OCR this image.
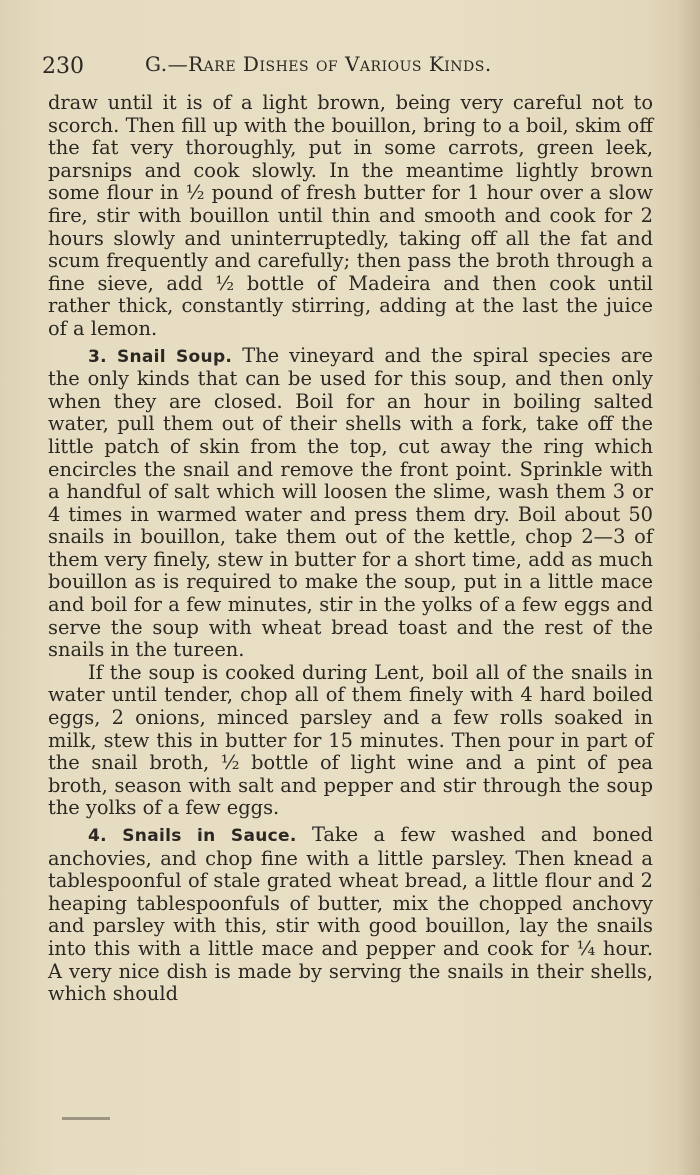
230	G.—Rare Dishes of Various Kinds.

draw until it is of a light brown, being very careful not to scorch. Then fill up with the bouillon, bring to a boil, skim off the fat very thoroughly, put in some carrots, green leek, parsnips and cook slowly. In the meantime lightly brown some flour in ½ pound of fresh butter for 1 hour over a slow fire, stir with bouillon until thin and smooth and cook for 2 hours slowly and uninterruptedly, taking off all the fat and scum frequently and carefully; then pass the broth through a fine sieve, add ½ bottle of Madeira and then cook until rather thick, constantly stirring, adding at the last the juice of a lemon.

3. Snail Soup. The vineyard and the spiral species are the only kinds that can be used for this soup, and then only when they are closed. Boil for an hour in boiling salted water, pull them out of their shells with a fork, take off the little patch of skin from the top, cut away the ring which encircles the snail and remove the front point. Sprinkle with a handful of salt which will loosen the slime, wash them 3 or 4 times in warmed water and press them dry. Boil about 50 snails in bouillon, take them out of the kettle, chop 2—3 of them very finely, stew in butter for a short time, add as much bouillon as is required to make the soup, put in a little mace and boil for a few minutes, stir in the yolks of a few eggs and serve the soup with wheat bread toast and the rest of the snails in the tureen.

If the soup is cooked during Lent, boil all of the snails in water until tender, chop all of them finely with 4 hard boiled eggs, 2 onions, minced parsley and a few rolls soaked in milk, stew this in butter for 15 minutes. Then pour in part of the snail broth, ½ bottle of light wine and a pint of pea broth, season with salt and pepper and stir through the soup the yolks of a few eggs.

4. Snails in Sauce. Take a few washed and boned anchovies, and chop fine with a little parsley. Then knead a tablespoonful of stale grated wheat bread, a little flour and 2 heaping tablespoonfuls of butter, mix the chopped anchovy and parsley with this, stir with good bouillon, lay the snails into this with a little mace and pepper and cook for ¼ hour. A very nice dish is made by serving the snails in their shells, which should
